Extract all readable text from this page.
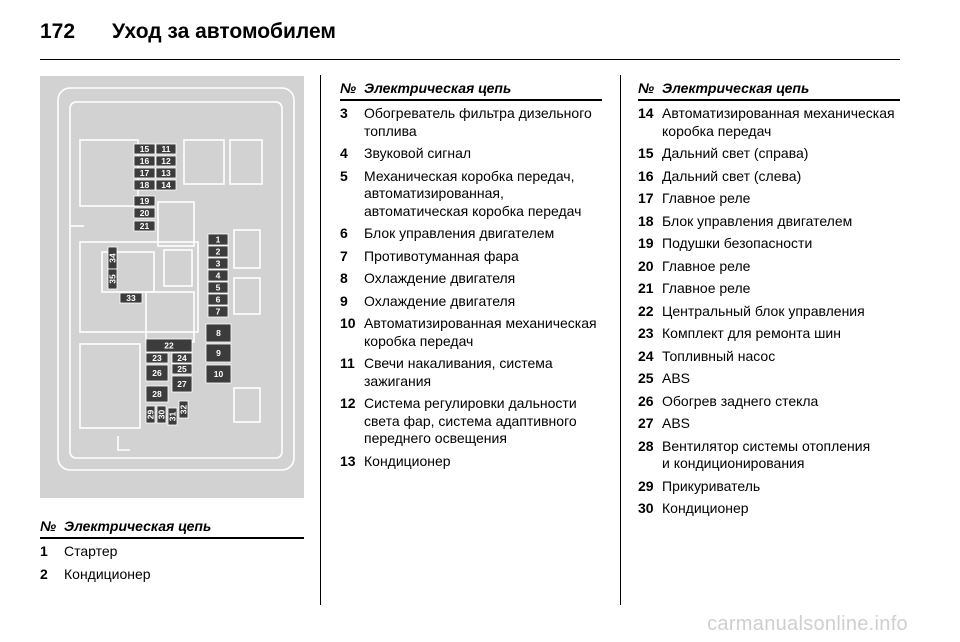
172	Уход за автомобилем
1
2
3
4
5
6
7
8
9
10
11
12
13
14
15
16
17
18
19
20
21
22
23 24
25
26
27
28
29 30 31
32
33
34
35
№ Электрическая цепь
1	Стартер
2	Кондиционер
№ Электрическая цепь
3	Обогреватель фильтра дизельного топлива
4	Звуковой сигнал
5	Механическая коробка передач,
автоматизированная,
автоматическая коробка передач
6	Блок управления двигателем
7	Противотуманная фара
8	Охлаждение двигателя
9	Охлаждение двигателя
10 Автоматизированная механическая коробка передач
11 Свечи накаливания, система зажигания
12 Система регулировки дальности света фар, система адаптивного переднего освещения
13 Кондиционер
№ Электрическая цепь
14 Автоматизированная механическая коробка передач
15 Дальний свет (справа)
16 Дальний свет (слева)
17 Главное реле
18 Блок управления двигателем
19 Подушки безопасности
20 Главное реле
21 Главное реле
22 Центральный блок управления
23 Комплект для ремонта шин
24 Топливный насос
25 ABS
26 Обогрев заднего стекла
27 ABS
28 Вентилятор системы отопления
и кондиционирования
29 Прикуриватель
30 Кондиционер
carmanualsonline.info
